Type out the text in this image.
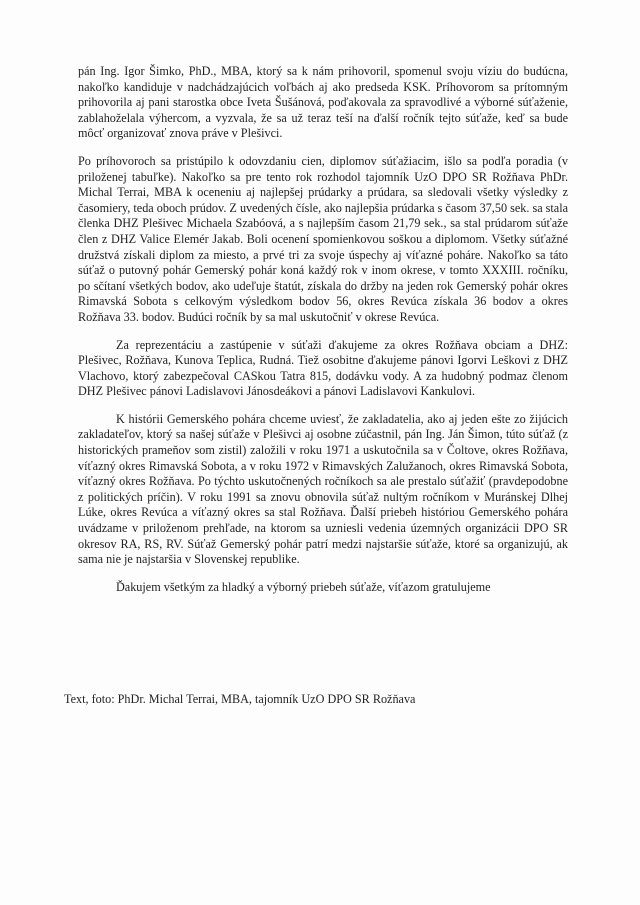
pán Ing. Igor Šimko, PhD., MBA, ktorý sa k nám prihovoril, spomenul svoju víziu do budúcna, nakoľko kandiduje v nadchádzajúcich voľbách aj ako predseda KSK. Príhovorom sa prítomným prihovorila aj pani starostka obce Iveta Šušánová, poďakovala za spravodlivé a výborné súťaženie, zablahoželala výhercom, a vyzvala, že sa už teraz teší na ďalší ročník tejto súťaže, keď sa bude môcť organizovať znova práve v Plešivci.

Po príhovoroch sa pristúpilo k odovzdaniu cien, diplomov súťažiacim, išlo sa podľa poradia (v priloženej tabuľke). Nakoľko sa pre tento rok rozhodol tajomník UzO DPO SR Rožňava PhDr. Michal Terrai, MBA k oceneniu aj najlepšej prúdarky a prúdara, sa sledovali všetky výsledky z časomiery, teda oboch prúdov. Z uvedených čísle, ako najlepšia prúdarka s časom 37,50 sek. sa stala členka DHZ Plešivec Michaela Szabóová, a s najlepším časom 21,79 sek., sa stal prúdarom súťaže člen z DHZ Valice Elemér Jakab. Boli ocenení spomienkovou soškou a diplomom. Všetky súťažné družstvá získali diplom za miesto, a prvé tri za svoje úspechy aj víťazné poháre. Nakoľko sa táto súťaž o putovný pohár Gemerský pohár koná každý rok v inom okrese, v tomto XXXIII. ročníku, po sčítaní všetkých bodov, ako udeľuje štatút, získala do držby na jeden rok Gemerský pohár okres Rimavská Sobota s celkovým výsledkom bodov 56, okres Revúca získala 36 bodov a okres Rožňava 33. bodov. Budúci ročník by sa mal uskutočniť v okrese Revúca.

Za reprezentáciu a zastúpenie v súťaži ďakujeme za okres Rožňava obciam a DHZ: Plešivec, Rožňava, Kunova Teplica, Rudná. Tiež osobitne ďakujeme pánovi Igorvi Leškovi z DHZ Vlachovo, ktorý zabezpečoval CASkou Tatra 815, dodávku vody. A za hudobný podmaz členom DHZ Plešivec pánovi Ladislavovi Jánosdeákovi a pánovi Ladislavovi Kankulovi.

K histórii Gemerského pohára chceme uviesť, že zakladatelia, ako aj jeden ešte zo žijúcich zakladateľov, ktorý sa našej súťaže v Plešivci aj osobne zúčastnil, pán Ing. Ján Šimon, túto súťaž (z historických prameňov som zistil) založili v roku 1971 a uskutočnila sa v Čoltove, okres Rožňava, víťazný okres Rimavská Sobota, a v roku 1972 v Rimavských Zalužanoch, okres Rimavská Sobota, víťazný okres Rožňava. Po týchto uskutočnených ročníkoch sa ale prestalo súťažiť (pravdepodobne z politických príčin). V roku 1991 sa znovu obnovila súťaž nultým ročníkom v Muránskej Dlhej Lúke, okres Revúca a víťazný okres sa stal Rožňava. Ďalší priebeh históriou Gemerského pohára uvádzame v priloženom prehľade, na ktorom sa uzniesli vedenia územných organizácii DPO SR okresov RA, RS, RV. Súťaž Gemerský pohár patrí medzi najstaršie súťaže, ktoré sa organizujú, ak sama nie je najstaršia v Slovenskej republike.

Ďakujem všetkým za hladký a výborný priebeh súťaže, víťazom gratulujeme

Text, foto: PhDr. Michal Terrai, MBA, tajomník UzO DPO SR Rožňava
